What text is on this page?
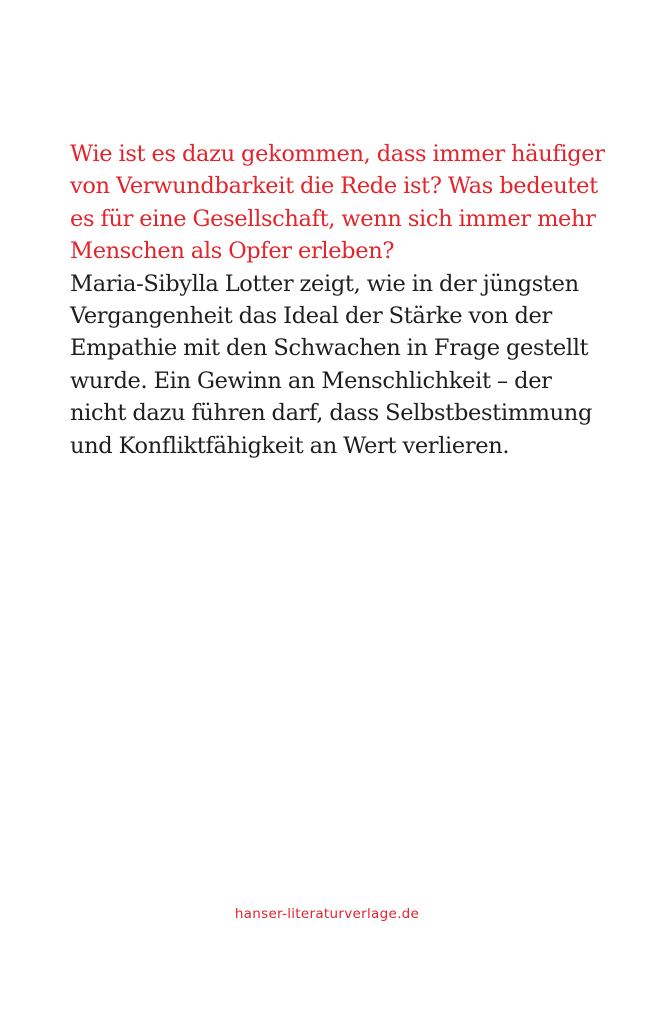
Wie ist es dazu gekommen, dass immer häufiger
von Verwundbarkeit die Rede ist? Was bedeutet
es für eine Gesellschaft, wenn sich immer mehr
Menschen als Opfer erleben?
Maria-Sibylla Lotter zeigt, wie in der jüngsten
Vergangenheit das Ideal der Stärke von der
Empathie mit den Schwachen in Frage gestellt
wurde. Ein Gewinn an Menschlichkeit – der
nicht dazu führen darf, dass Selbstbestimmung
und Konfliktfähigkeit an Wert verlieren.
hanser-literaturverlage.de
